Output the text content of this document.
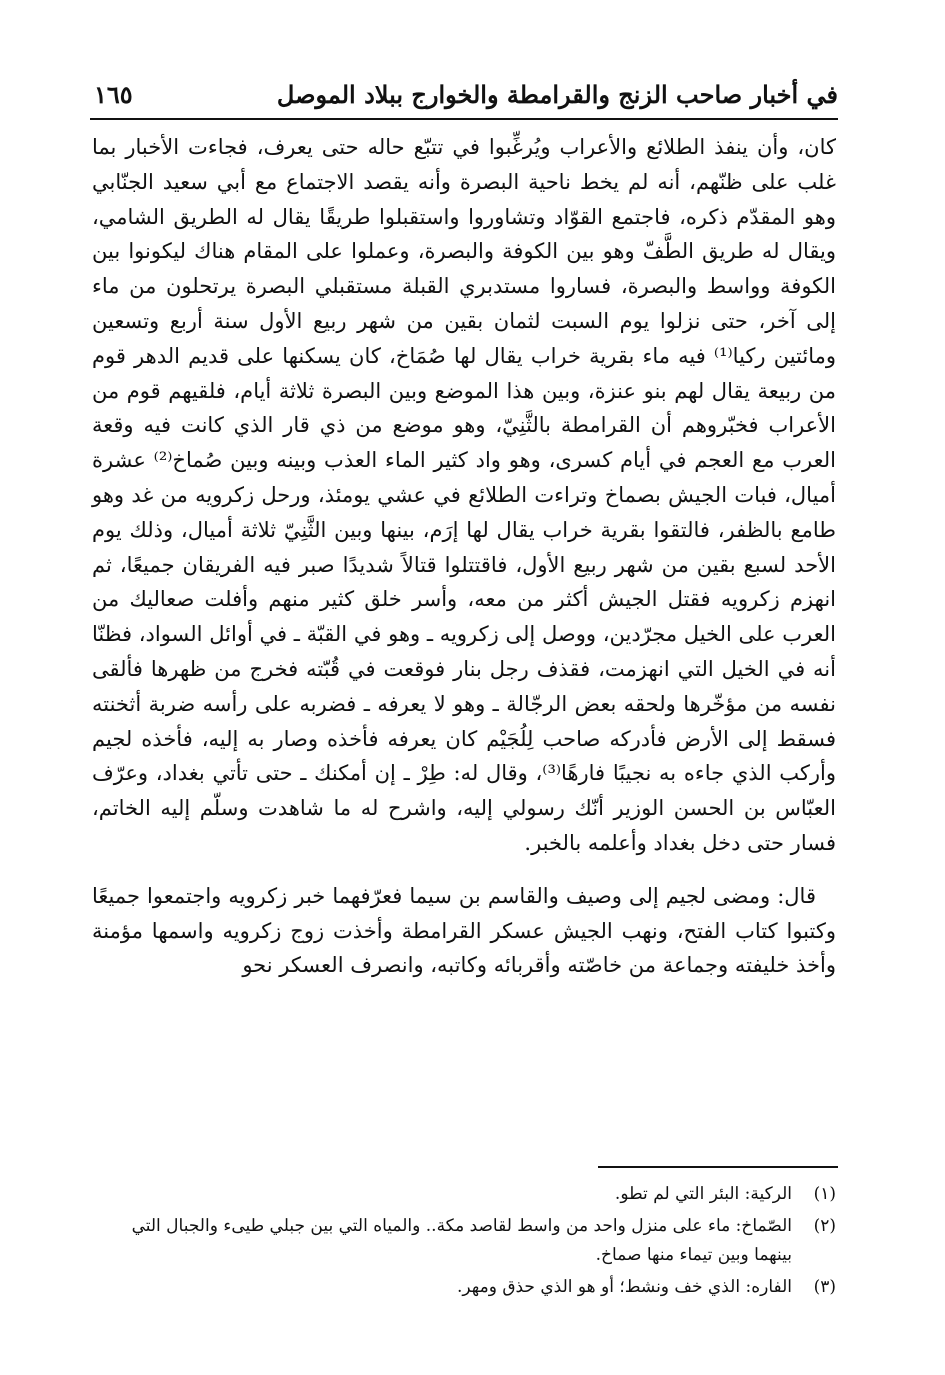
في أخبار صاحب الزنج والقرامطة والخوارج ببلاد الموصل
١٦٥

كان، وأن ينفذ الطلائع والأعراب ويُرغِّبوا في تتبّع حاله حتى يعرف، فجاءت الأخبار بما غلب على ظنّهم، أنه لم يخط ناحية البصرة وأنه يقصد الاجتماع مع أبي سعيد الجنّابي وهو المقدّم ذكره، فاجتمع القوّاد وتشاوروا واستقبلوا طريقًا يقال له الطريق الشامي، ويقال له طريق الطَّفّ وهو بين الكوفة والبصرة، وعملوا على المقام هناك ليكونوا بين الكوفة وواسط والبصرة، فساروا مستدبري القبلة مستقبلي البصرة يرتحلون من ماء إلى آخر، حتى نزلوا يوم السبت لثمان بقين من شهر ربيع الأول سنة أربع وتسعين ومائتين ركيا⁽¹⁾ فيه ماء بقرية خراب يقال لها صُمَاخ، كان يسكنها على قديم الدهر قوم من ربيعة يقال لهم بنو عنزة، وبين هذا الموضع وبين البصرة ثلاثة أيام، فلقيهم قوم من الأعراب فخبّروهم أن القرامطة بالثَّنِيّ، وهو موضع من ذي قار الذي كانت فيه وقعة العرب مع العجم في أيام كسرى، وهو واد كثير الماء العذب وبينه وبين صُماخ⁽²⁾ عشرة أميال، فبات الجيش بصماخ وتراءت الطلائع في عشي يومئذ، ورحل زكرويه من غد وهو طامع بالظفر، فالتقوا بقرية خراب يقال لها إرَم، بينها وبين الثَّنِيّ ثلاثة أميال، وذلك يوم الأحد لسبع بقين من شهر ربيع الأول، فاقتتلوا قتالاً شديدًا صبر فيه الفريقان جميعًا، ثم انهزم زكرويه فقتل الجيش أكثر من معه، وأسر خلق كثير منهم وأفلت صعاليك من العرب على الخيل مجرّدين، ووصل إلى زكرويه ـ وهو في القبّة ـ في أوائل السواد، فظنّا أنه في الخيل التي انهزمت، فقذف رجل بنار فوقعت في قُبّته فخرج من ظهرها فألقى نفسه من مؤخّرها ولحقه بعض الرجّالة ـ وهو لا يعرفه ـ فضربه على رأسه ضربة أثخنته فسقط إلى الأرض فأدركه صاحب لِلُجَيْم كان يعرفه فأخذه وصار به إليه، فأخذه لجيم وأركب الذي جاءه به نجيبًا فارهًا⁽³⁾، وقال له: طِرْ ـ إن أمكنك ـ حتى تأتي بغداد، وعرّف العبّاس بن الحسن الوزير أنّك رسولي إليه، واشرح له ما شاهدت وسلّم إليه الخاتم، فسار حتى دخل بغداد وأعلمه بالخبر.

قال: ومضى لجيم إلى وصيف والقاسم بن سيما فعرّفهما خبر زكرويه واجتمعوا جميعًا وكتبوا كتاب الفتح، ونهب الجيش عسكر القرامطة وأخذت زوج زكرويه واسمها مؤمنة وأخذ خليفته وجماعة من خاصّته وأقربائه وكاتبه، وانصرف العسكر نحو

(١)
الركية: البئر التي لم تطو.
(٢)
الصّماخ: ماء على منزل واحد من واسط لقاصد مكة.. والمياه التي بين جبلي طيىء والجبال التي بينهما وبين تيماء منها صماخ.
(٣)
الفاره: الذي خف ونشط؛ أو هو الذي حذق ومهر.
